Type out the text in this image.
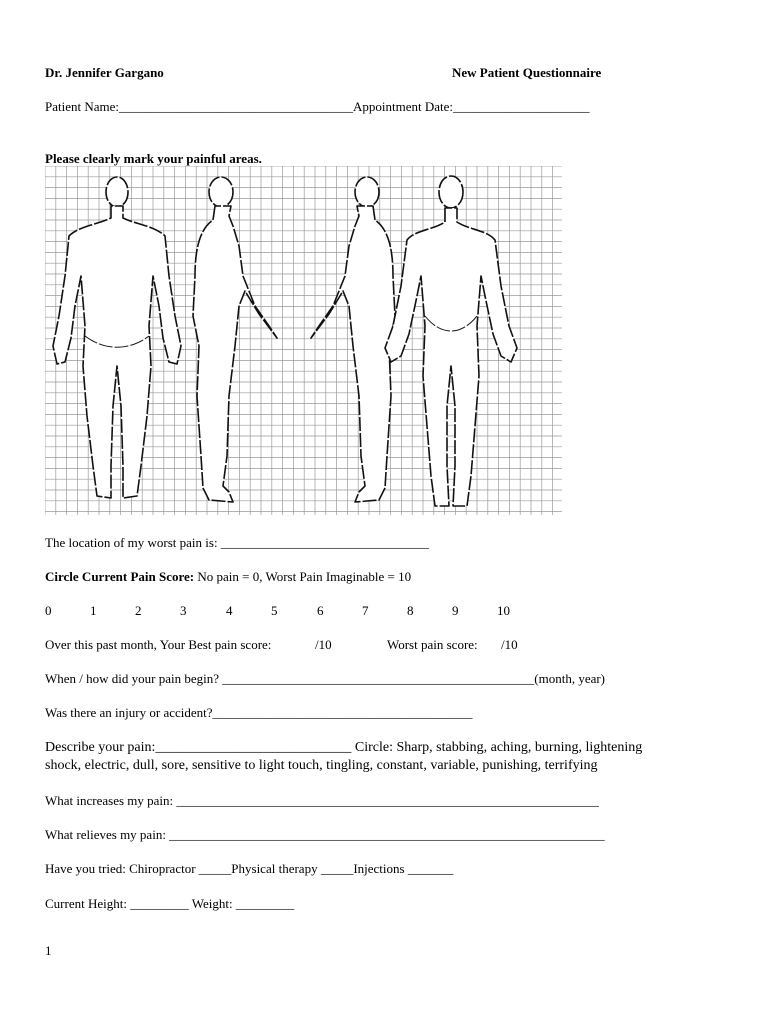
Dr. Jennifer Gargano	New Patient Questionnaire
Patient Name:____________________________________Appointment Date:_____________________
Please clearly mark your painful areas.
The location of my worst pain is: ________________________________
Circle Current Pain Score: No pain = 0, Worst Pain Imaginable = 10
0	1	2	3	4	5	6	7	8	9	10
Over this past month, Your Best pain score:	/10	Worst pain score: /10
When / how did your pain begin? ________________________________________________(month, year)
Was there an injury or accident?________________________________________
Describe your pain:____________________________ Circle: Sharp, stabbing, aching, burning, lightening
shock, electric, dull, sore, sensitive to light touch, tingling, constant, variable, punishing, terrifying
What increases my pain: _________________________________________________________________
What relieves my pain: ___________________________________________________________________
Have you tried: Chiropractor _____Physical therapy _____Injections _______
Current Height: _________ Weight: _________
1
